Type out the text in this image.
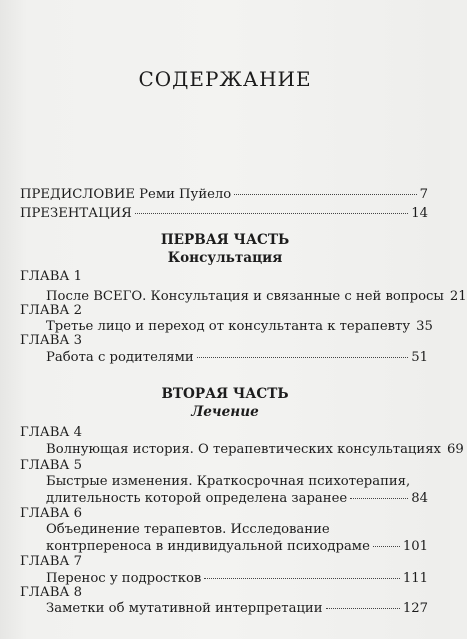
СОДЕРЖАНИЕ
ПРЕДИСЛОВИЕ Реми Пуйело	7
ПРЕЗЕНТАЦИЯ	14
ПЕРВАЯ ЧАСТЬ
Консультация
ГЛАВА 1
После ВСЕГО. Консультация и связанные с ней вопросы 21
ГЛАВА 2
Третье лицо и переход от консультанта к терапевту 35
ГЛАВА 3
Работа с родителями	51
ВТОРАЯ ЧАСТЬ
Лечение
ГЛАВА 4
Волнующая история. О терапевтических консультациях 69
ГЛАВА 5
Быстрые изменения. Краткосрочная психотерапия,
длительность которой определена заранее	84
ГЛАВА 6
Объединение терапевтов. Исследование
контрпереноса в индивидуальной психодраме 101
ГЛАВА 7
Перенос у подростков	111
ГЛАВА 8
Заметки об мутативной интерпретации	127
